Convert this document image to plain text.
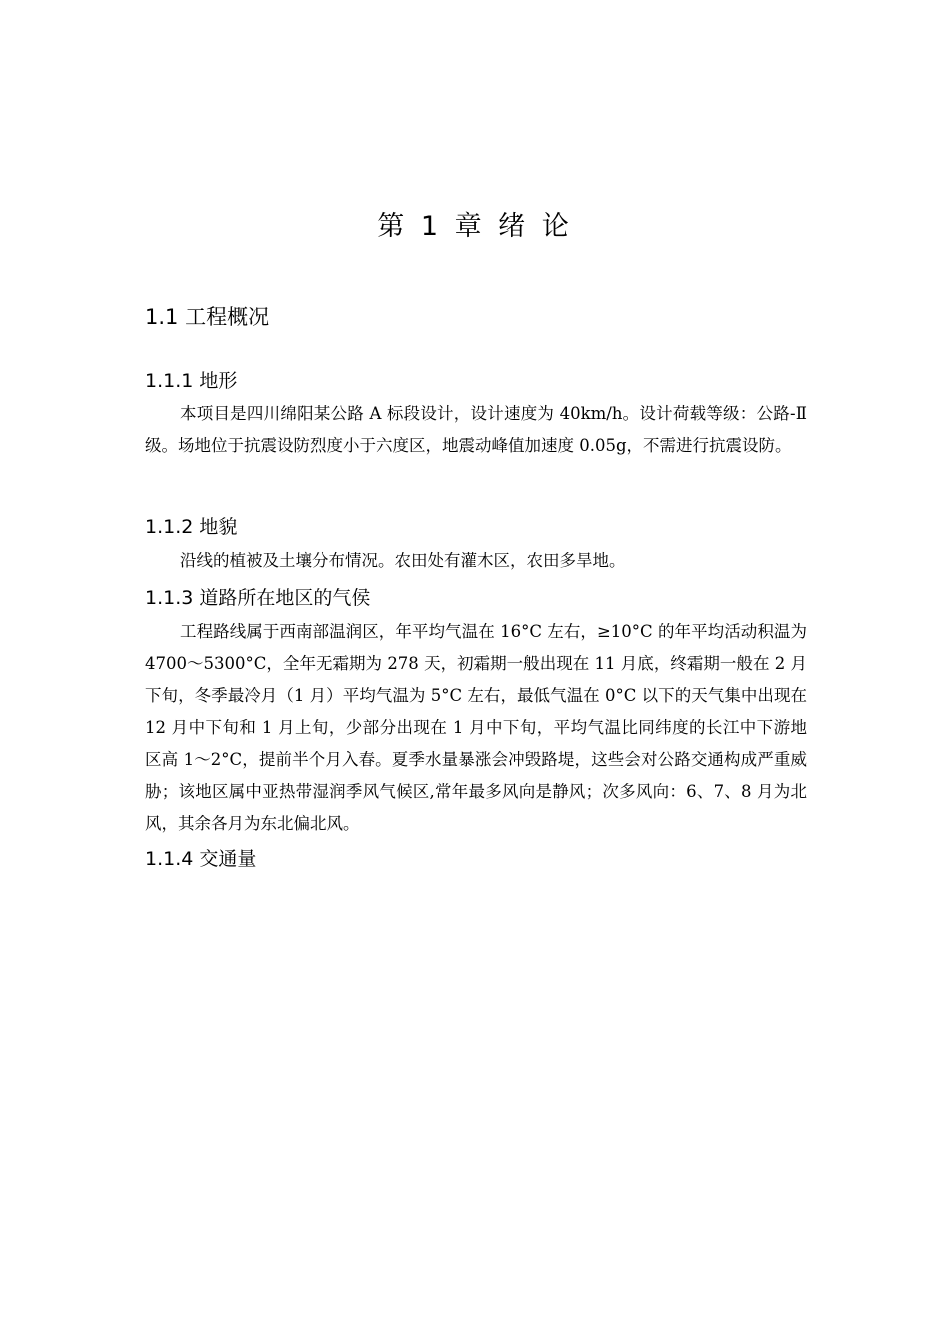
第 1 章 绪 论
1.1 工程概况
1.1.1 地形

本项目是四川绵阳某公路 A 标段设计，设计速度为 40km/h。设计荷载等级：公路-Ⅱ 级。场地位于抗震设防烈度小于六度区，地震动峰值加速度 0.05g，不需进行抗震设防。

1.1.2 地貌

沿线的植被及土壤分布情况。农田处有灌木区，农田多旱地。

1.1.3 道路所在地区的气侯

工程路线属于西南部温润区，年平均气温在 16°C 左右，≥10°C 的年平均活动积温为 4700～5300°C，全年无霜期为 278 天，初霜期一般出现在 11 月底，终霜期一般在 2 月下旬，冬季最冷月（1 月）平均气温为 5°C 左右，最低气温在 0°C 以下的天气集中出现在 12 月中下旬和 1 月上旬，少部分出现在 1 月中下旬，平均气温比同纬度的长江中下游地区高 1～2°C，提前半个月入春。夏季水量暴涨会冲毁路堤，这些会对公路交通构成严重威胁；该地区属中亚热带湿润季风气候区,常年最多风向是静风；次多风向：6、7、8 月为北风，其余各月为东北偏北风。

1.1.4 交通量
